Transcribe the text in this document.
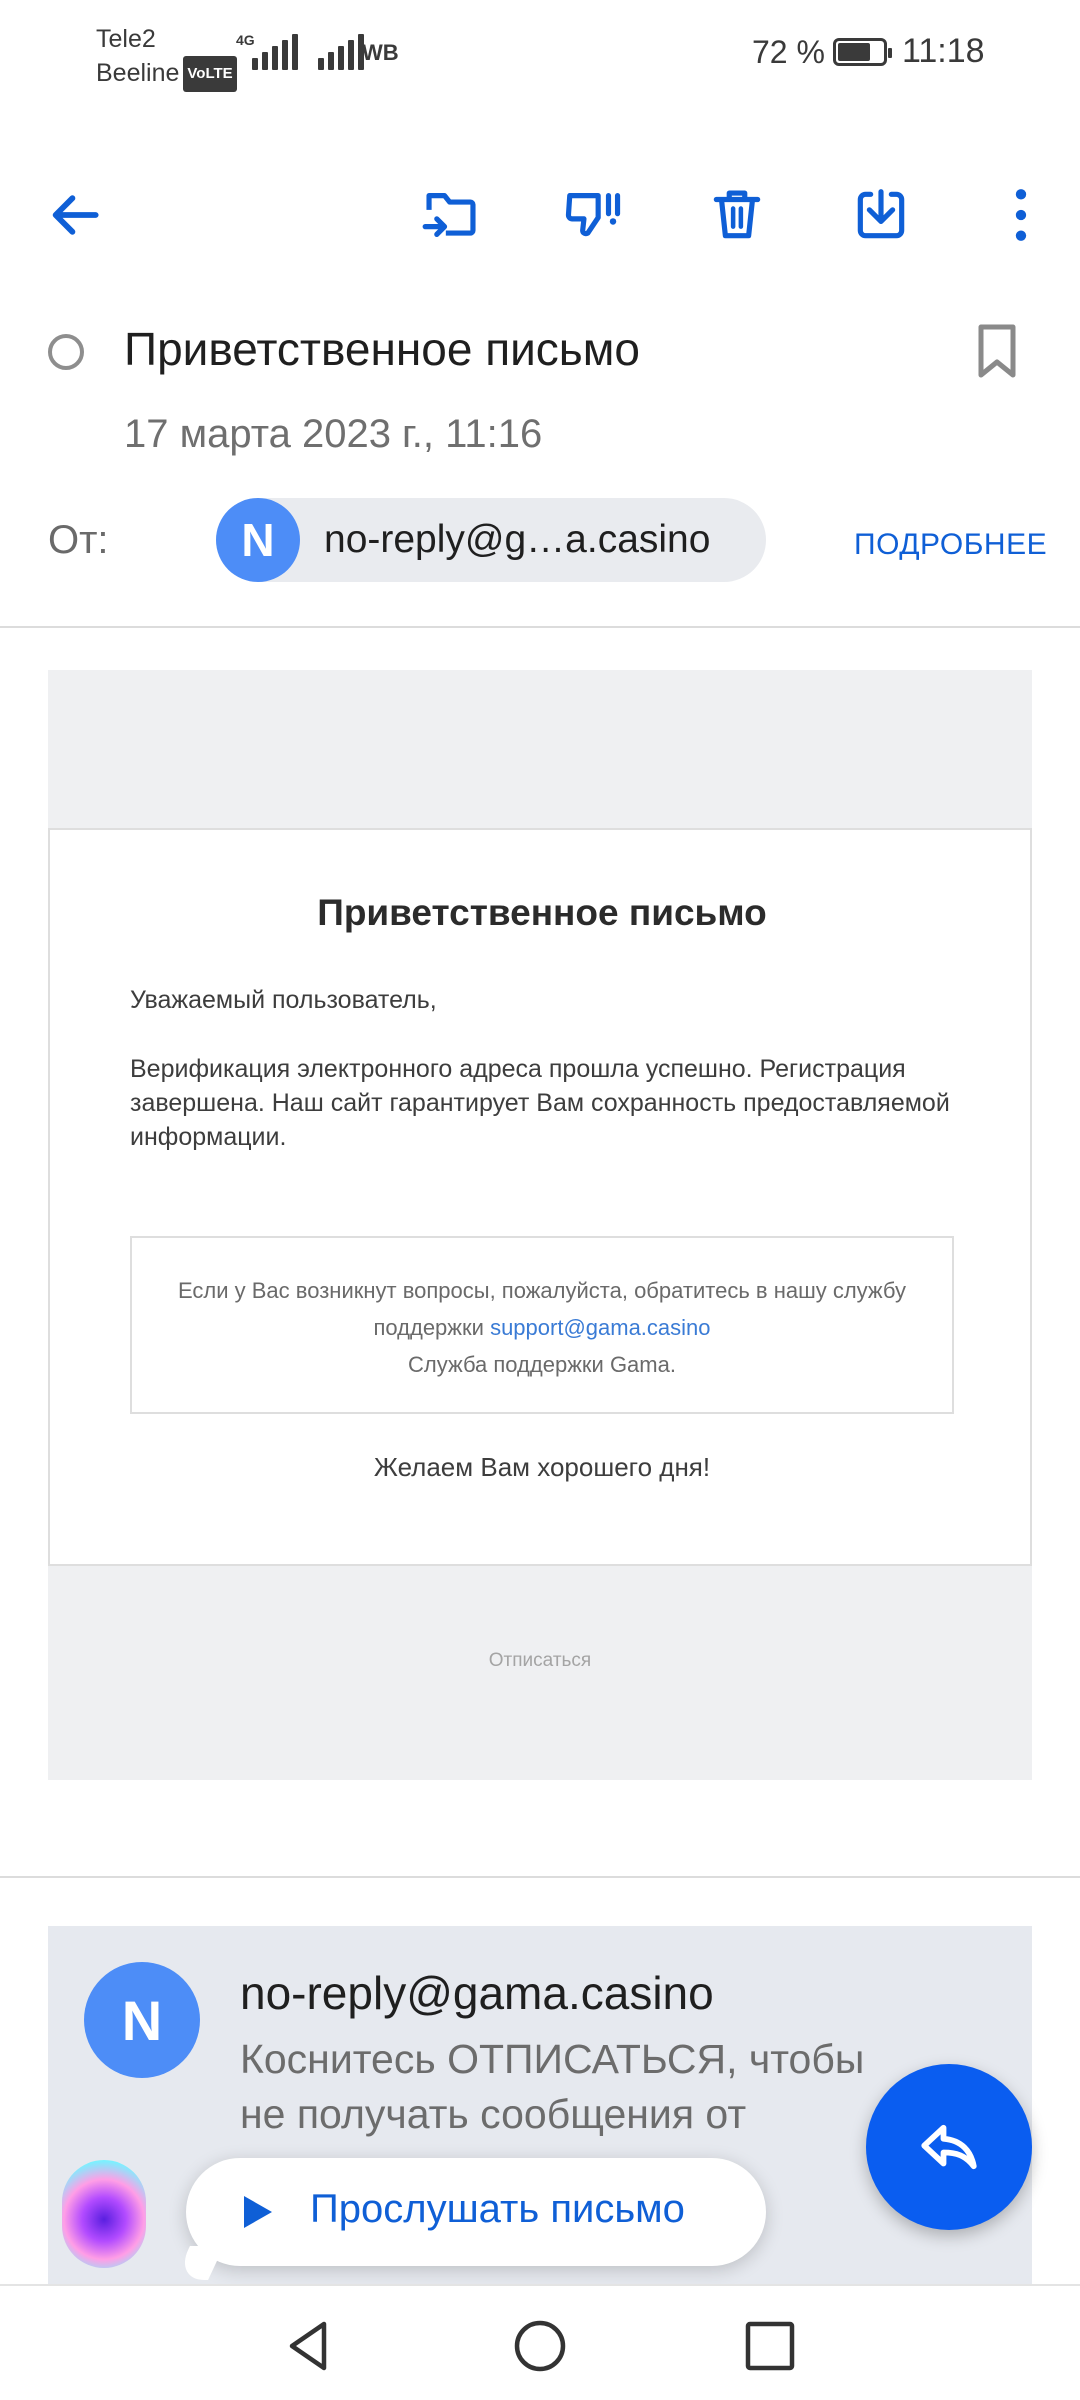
Tele2
Beeline VoLTE
4G	WB	72 % 11:18
Приветственное письмо
17 марта 2023 г., 11:16
От:	N	no-reply@g…a.casino	ПОДРОБНЕЕ
Приветственное письмо
Уважаемый пользователь,
Верификация электронного адреса прошла успешно. Регистрация завершена. Наш сайт гарантирует Вам сохранность предоставляемой информации.
Если у Вас возникнут вопросы, пожалуйста, обратитесь в нашу службу
поддержки support@gama.casino
Служба поддержки Gama.
Желаем Вам хорошего дня!
Отписаться
N	no-reply@gama.casino
Коснитесь ОТПИСАТЬСЯ, чтобы не получать сообщения от
Прослушать письмо
